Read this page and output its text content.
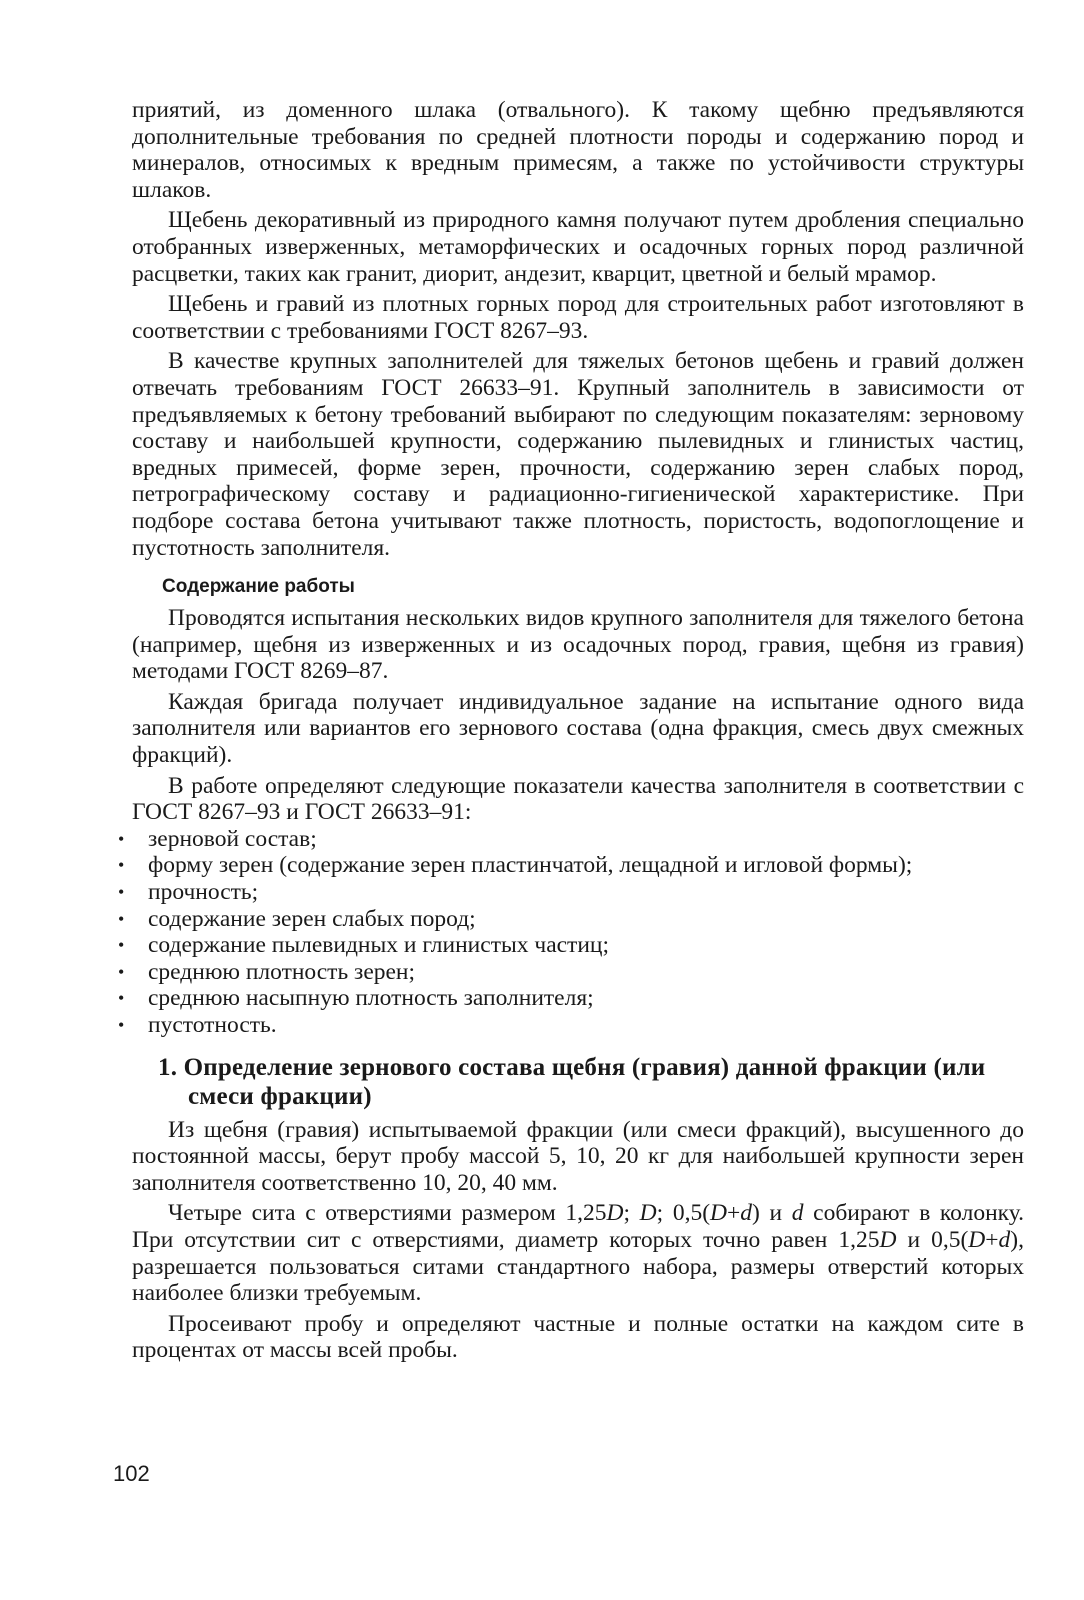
приятий, из доменного шлака (отвального). К такому щебню предъявляются дополнительные требования по средней плотности породы и содержанию пород и минералов, относимых к вредным примесям, а также по устойчивости структуры шлаков.

Щебень декоративный из природного камня получают путем дробления специально отобранных изверженных, метаморфических и осадочных горных пород различной расцветки, таких как гранит, диорит, андезит, кварцит, цветной и белый мрамор.

Щебень и гравий из плотных горных пород для строительных работ изготовляют в соответствии с требованиями ГОСТ 8267–93.

В качестве крупных заполнителей для тяжелых бетонов щебень и гравий должен отвечать требованиям ГОСТ 26633–91. Крупный заполнитель в зависимости от предъявляемых к бетону требований выбирают по следующим показателям: зерновому составу и наибольшей крупности, содержанию пылевидных и глинистых частиц, вредных примесей, форме зерен, прочности, содержанию зерен слабых пород, петрографическому составу и радиационно-гигиенической характеристике. При подборе состава бетона учитывают также плотность, пористость, водопоглощение и пустотность заполнителя.

Содержание работы

Проводятся испытания нескольких видов крупного заполнителя для тяжелого бетона (например, щебня из изверженных и из осадочных пород, гравия, щебня из гравия) методами ГОСТ 8269–87.

Каждая бригада получает индивидуальное задание на испытание одного вида заполнителя или вариантов его зернового состава (одна фракция, смесь двух смежных фракций).

В работе определяют следующие показатели качества заполнителя в соответствии с ГОСТ 8267–93 и ГОСТ 26633–91:

• зерновой состав;
• форму зерен (содержание зерен пластинчатой, лещадной и игловой формы);
• прочность;
• содержание зерен слабых пород;
• содержание пылевидных и глинистых частиц;
• среднюю плотность зерен;
• среднюю насыпную плотность заполнителя;
• пустотность.
1. Определение зернового состава щебня (гравия) данной фракции (или смеси фракции)

Из щебня (гравия) испытываемой фракции (или смеси фракций), высушенного до постоянной массы, берут пробу массой 5, 10, 20 кг для наибольшей крупности зерен заполнителя соответственно 10, 20, 40 мм.

Четыре сита с отверстиями размером 1,25D; D; 0,5(D+d) и d собирают в колонку. При отсутствии сит с отверстиями, диаметр которых точно равен 1,25D и 0,5(D+d), разрешается пользоваться ситами стандартного набора, размеры отверстий которых наиболее близки требуемым.

Просеивают пробу и определяют частные и полные остатки на каждом сите в процентах от массы всей пробы.

102
